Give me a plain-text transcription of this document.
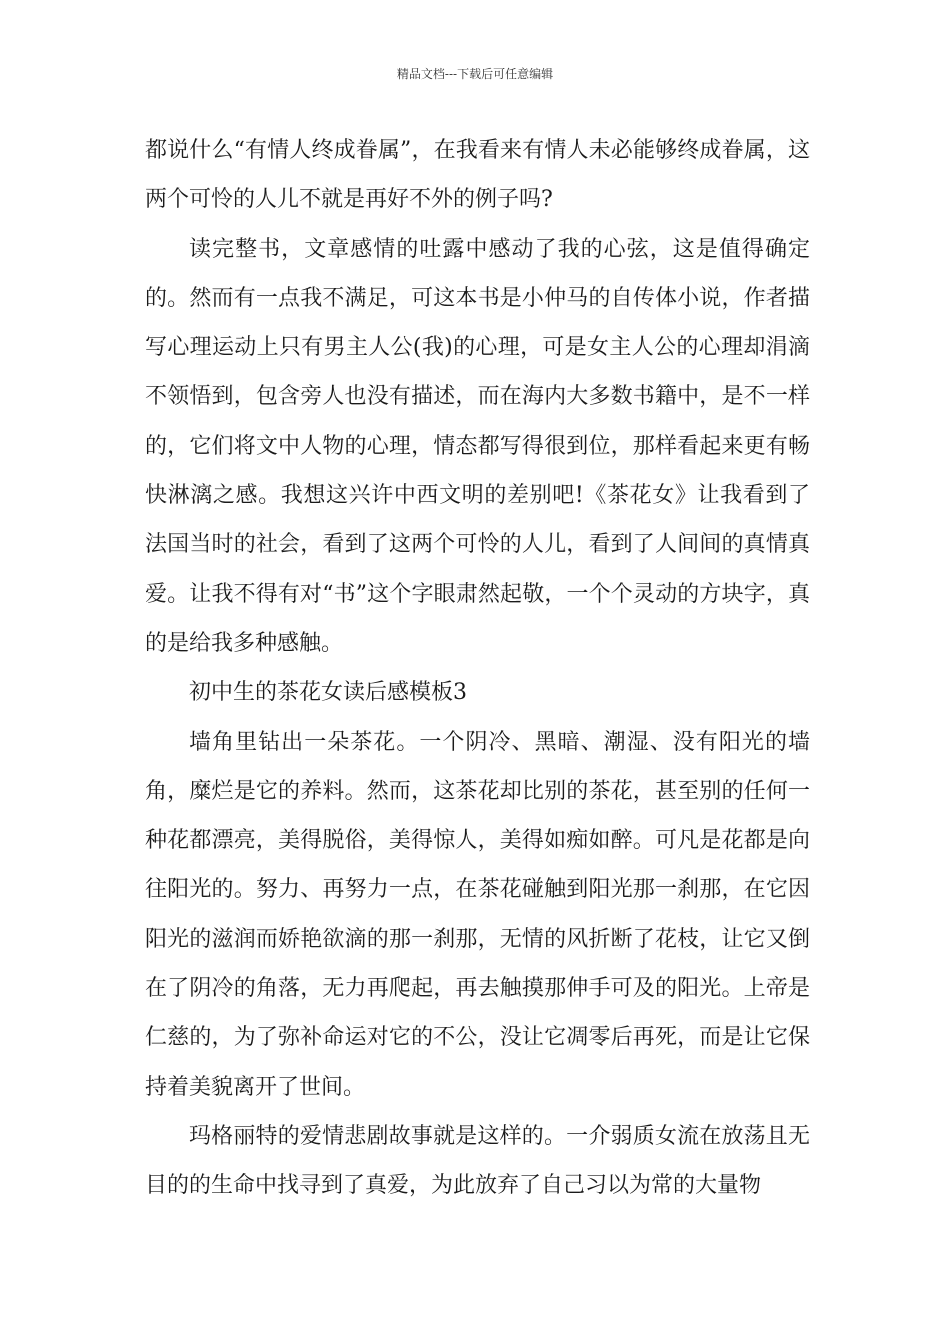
精品文档---下载后可任意编辑

都说什么“有情人终成眷属”，在我看来有情人未必能够终成眷属，这两个可怜的人儿不就是再好不外的例子吗?

读完整书，文章感情的吐露中感动了我的心弦，这是值得确定的。然而有一点我不满足，可这本书是小仲马的自传体小说，作者描写心理运动上只有男主人公(我)的心理，可是女主人公的心理却涓滴不领悟到，包含旁人也没有描述，而在海内大多数书籍中，是不一样的，它们将文中人物的心理，情态都写得很到位，那样看起来更有畅快淋漓之感。我想这兴许中西文明的差别吧!《茶花女》让我看到了法国当时的社会，看到了这两个可怜的人儿，看到了人间间的真情真爱。让我不得有对“书”这个字眼肃然起敬，一个个灵动的方块字，真的是给我多种感触。

初中生的茶花女读后感模板3

墙角里钻出一朵茶花。一个阴冷、黑暗、潮湿、没有阳光的墙角，糜烂是它的养料。然而，这茶花却比别的茶花，甚至别的任何一种花都漂亮，美得脱俗，美得惊人，美得如痴如醉。可凡是花都是向往阳光的。努力、再努力一点，在茶花碰触到阳光那一刹那，在它因阳光的滋润而娇艳欲滴的那一刹那，无情的风折断了花枝，让它又倒在了阴冷的角落，无力再爬起，再去触摸那伸手可及的阳光。上帝是仁慈的，为了弥补命运对它的不公，没让它凋零后再死，而是让它保持着美貌离开了世间。

玛格丽特的爱情悲剧故事就是这样的。一介弱质女流在放荡且无目的的生命中找寻到了真爱，为此放弃了自己习以为常的大量物
